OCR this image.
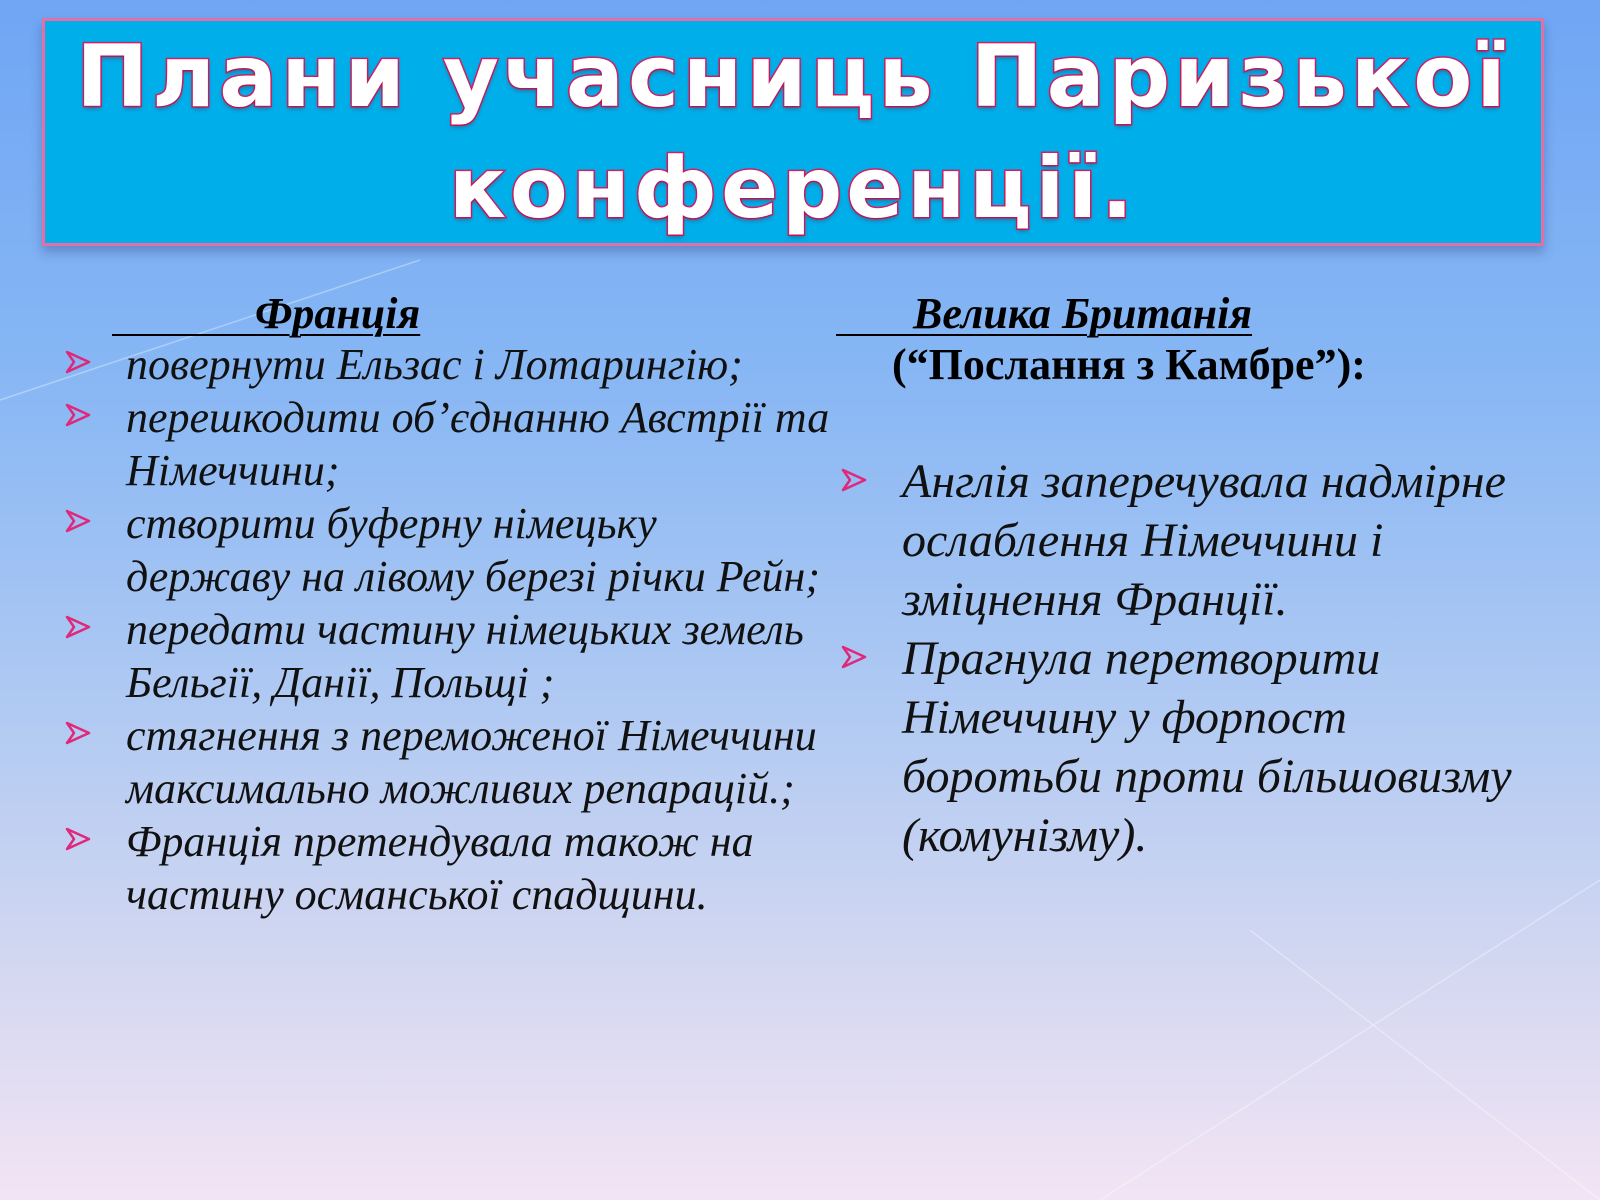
Плани учасниць Паризької
конференції.
Франція
повернути Ельзас і Лотарингію;
перешкодити об’єднанню Австрії та Німеччини;
створити буферну німецьку державу на лівому березі річки Рейн;
передати частину німецьких земель Бельгії, Данії, Польщі ;
стягнення з переможеної Німеччини максимально можливих репарацій.;
Франція претендувала також на частину османської спадщини.
Велика Британія
(“Послання з Камбре”):
Англія заперечувала надмірне ослаблення Німеччини і зміцнення Франції.
Прагнула перетворити Німеччину у форпост боротьби проти більшовизму (комунізму).
